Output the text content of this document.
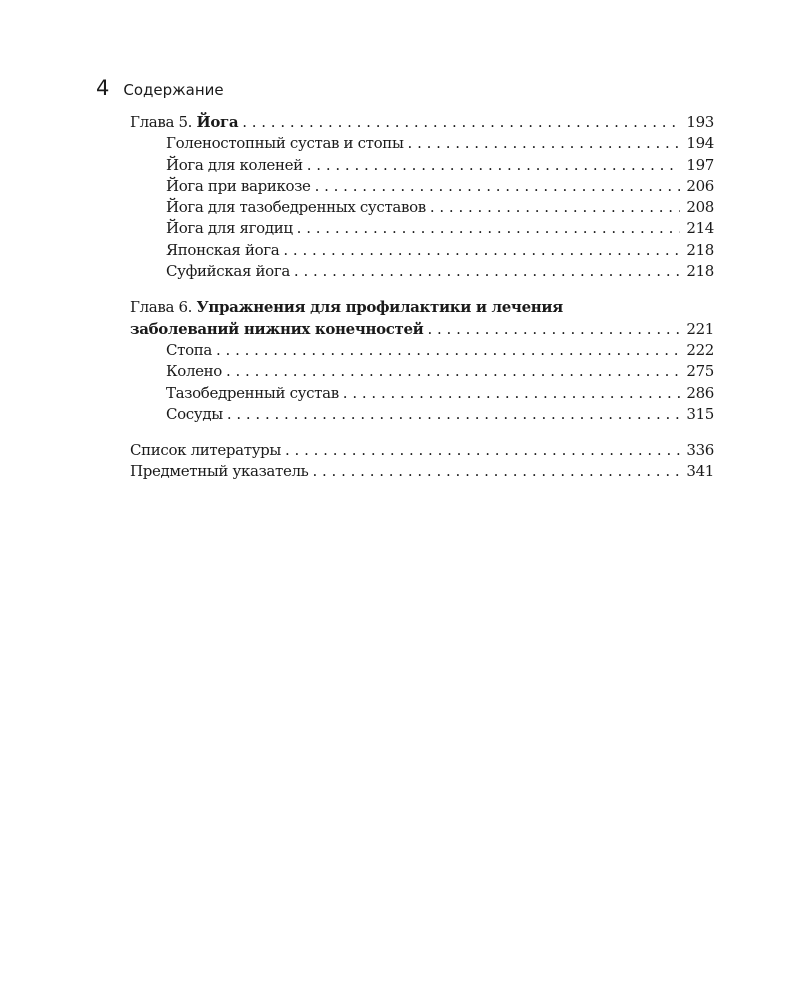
4 Содержание
Глава 5. Йога . . .	193
Голеностопный сустав и стопы . . .	194
Йога для коленей . . .	197
Йога при варикозе . . .	206
Йога для тазобедренных суставов . . .	208
Йога для ягодиц . . .	214
Японская йога . . .	218
Суфийская йога . . .	218
Глава 6. Упражнения для профилактики и лечения
заболеваний нижних конечностей . . .	221
Стопа . . .	222
Колено . . .	275
Тазобедренный сустав . . .	286
Сосуды . . .	315
Список литературы . . .	336
Предметный указатель . . .	341
